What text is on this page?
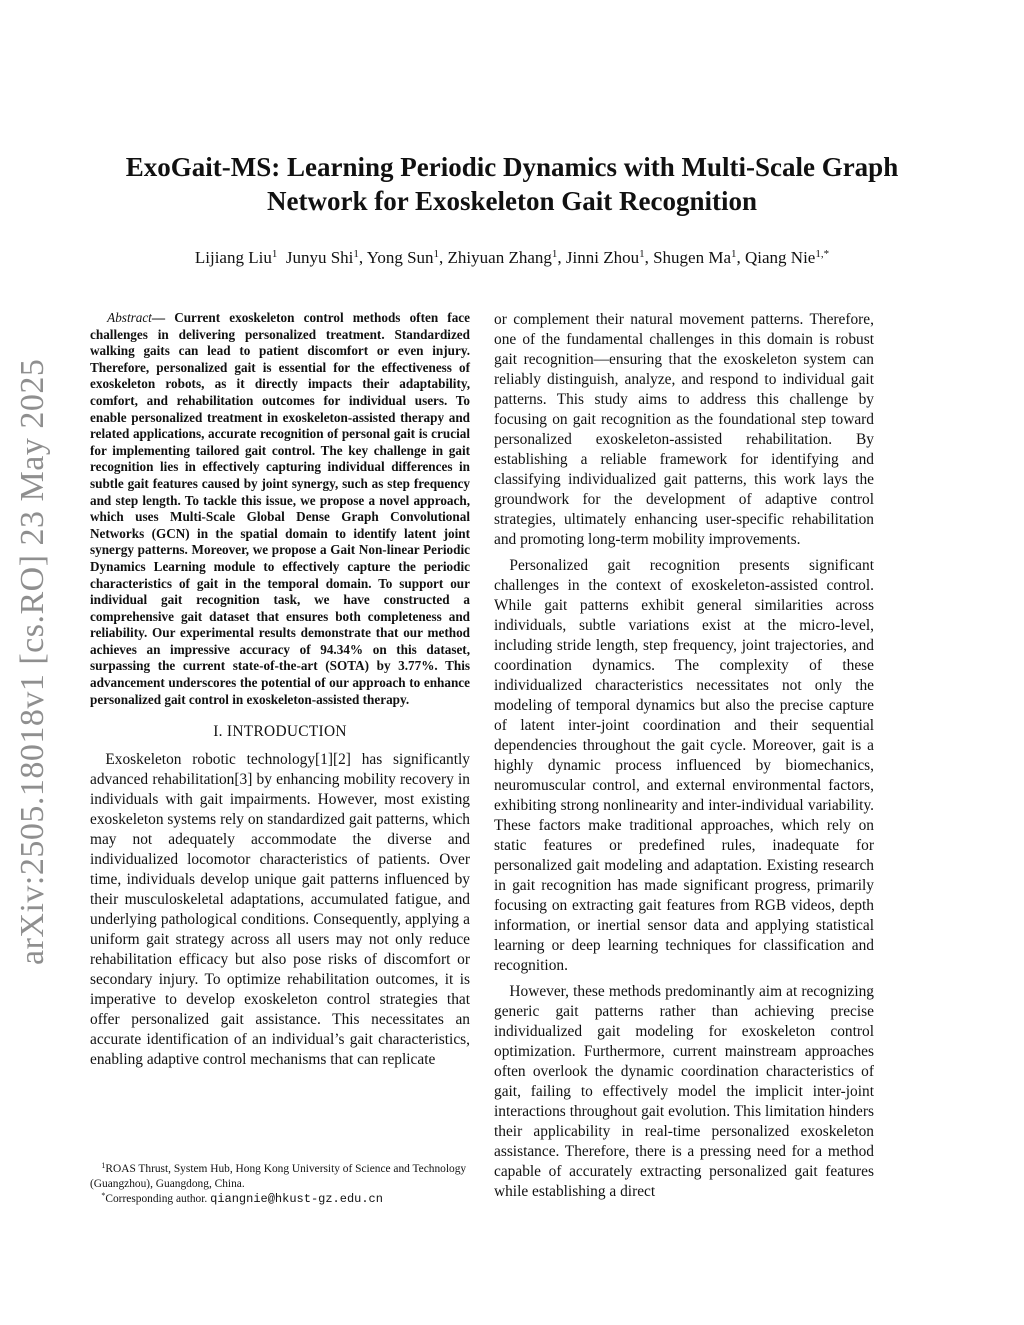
arXiv:2505.18018v1 [cs.RO] 23 May 2025
ExoGait-MS: Learning Periodic Dynamics with Multi-Scale Graph
Network for Exoskeleton Gait Recognition
Lijiang Liu$^1$ Junyu Shi$^1$, Yong Sun$^1$, Zhiyuan Zhang$^1$, Jinni Zhou$^1$, Shugen Ma$^1$, Qiang Nie$^{1,*}$

Abstract— Current exoskeleton control methods often face challenges in delivering personalized treatment. Standardized walking gaits can lead to patient discomfort or even injury. Therefore, personalized gait is essential for the effectiveness of exoskeleton robots, as it directly impacts their adaptability, comfort, and rehabilitation outcomes for individual users. To enable personalized treatment in exoskeleton-assisted therapy and related applications, accurate recognition of personal gait is crucial for implementing tailored gait control. The key challenge in gait recognition lies in effectively capturing individual differences in subtle gait features caused by joint synergy, such as step frequency and step length. To tackle this issue, we propose a novel approach, which uses Multi-Scale Global Dense Graph Convolutional Networks (GCN) in the spatial domain to identify latent joint synergy patterns. Moreover, we propose a Gait Non-linear Periodic Dynamics Learning module to effectively capture the periodic characteristics of gait in the temporal domain. To support our individual gait recognition task, we have constructed a comprehensive gait dataset that ensures both completeness and reliability. Our experimental results demonstrate that our method achieves an impressive accuracy of 94.34% on this dataset, surpassing the current state-of-the-art (SOTA) by 3.77%. This advancement underscores the potential of our approach to enhance personalized gait control in exoskeleton-assisted therapy.

I. INTRODUCTION

Exoskeleton robotic technology[1][2] has significantly advanced rehabilitation[3] by enhancing mobility recovery in individuals with gait impairments. However, most existing exoskeleton systems rely on standardized gait patterns, which may not adequately accommodate the diverse and individualized locomotor characteristics of patients. Over time, individuals develop unique gait patterns influenced by their musculoskeletal adaptations, accumulated fatigue, and underlying pathological conditions. Consequently, applying a uniform gait strategy across all users may not only reduce rehabilitation efficacy but also pose risks of discomfort or secondary injury. To optimize rehabilitation outcomes, it is imperative to develop exoskeleton control strategies that offer personalized gait assistance. This necessitates an accurate identification of an individual’s gait characteristics, enabling adaptive control mechanisms that can replicate

$^1$ROAS Thrust, System Hub, Hong Kong University of Science and Technology (Guangzhou), Guangdong, China.

*Corresponding author. qiangnie@hkust-gz.edu.cn

or complement their natural movement patterns. Therefore, one of the fundamental challenges in this domain is robust gait recognition—ensuring that the exoskeleton system can reliably distinguish, analyze, and respond to individual gait patterns. This study aims to address this challenge by focusing on gait recognition as the foundational step toward personalized exoskeleton-assisted rehabilitation. By establishing a reliable framework for identifying and classifying individualized gait patterns, this work lays the groundwork for the development of adaptive control strategies, ultimately enhancing user-specific rehabilitation and promoting long-term mobility improvements.

Personalized gait recognition presents significant challenges in the context of exoskeleton-assisted control. While gait patterns exhibit general similarities across individuals, subtle variations exist at the micro-level, including stride length, step frequency, joint trajectories, and coordination dynamics. The complexity of these individualized characteristics necessitates not only the modeling of temporal dynamics but also the precise capture of latent inter-joint coordination and their sequential dependencies throughout the gait cycle. Moreover, gait is a highly dynamic process influenced by biomechanics, neuromuscular control, and external environmental factors, exhibiting strong nonlinearity and inter-individual variability. These factors make traditional approaches, which rely on static features or predefined rules, inadequate for personalized gait modeling and adaptation. Existing research in gait recognition has made significant progress, primarily focusing on extracting gait features from RGB videos, depth information, or inertial sensor data and applying statistical learning or deep learning techniques for classification and recognition.

However, these methods predominantly aim at recognizing generic gait patterns rather than achieving precise individualized gait modeling for exoskeleton control optimization. Furthermore, current mainstream approaches often overlook the dynamic coordination characteristics of gait, failing to effectively model the implicit inter-joint interactions throughout gait evolution. This limitation hinders their applicability in real-time personalized exoskeleton assistance. Therefore, there is a pressing need for a method capable of accurately extracting personalized gait features while establishing a direct
